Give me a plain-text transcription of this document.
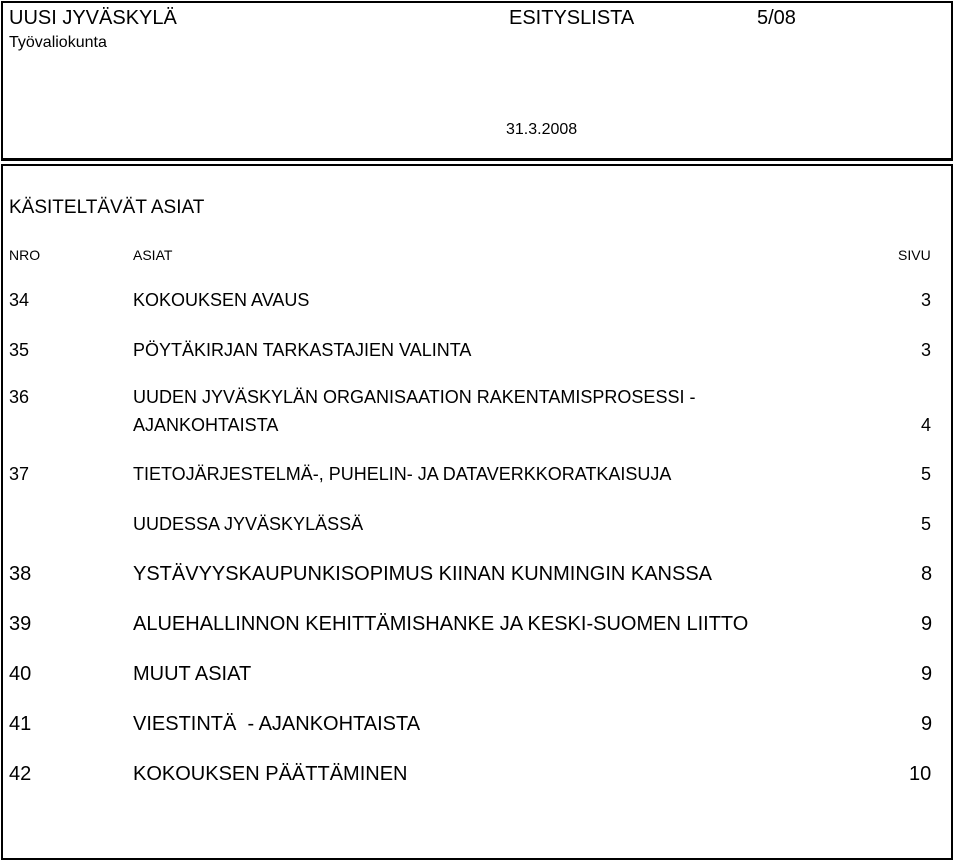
UUSI JYVÄSKYLÄ	ESITYSLISTA	5/08
Työvaliokunta
31.3.2008
KÄSITELTÄVÄT ASIAT
NRO	ASIAT	SIVU
34	KOKOUKSEN AVAUS	3
35	PÖYTÄKIRJAN TARKASTAJIEN VALINTA	3
36	UUDEN JYVÄSKYLÄN ORGANISAATION RAKENTAMISPROSESSI -
AJANKOHTAISTA	4
37	TIETOJÄRJESTELMÄ-, PUHELIN- JA DATAVERKKORATKAISUJA	5
UUDESSA JYVÄSKYLÄSSÄ	5
38	YSTÄVYYSKAUPUNKISOPIMUS KIINAN KUNMINGIN KANSSA	8
39	ALUEHALLINNON KEHITTÄMISHANKE JA KESKI-SUOMEN LIITTO	9
40	MUUT ASIAT	9
41	VIESTINTÄ  - AJANKOHTAISTA	9
42	KOKOUKSEN PÄÄTTÄMINEN	10
